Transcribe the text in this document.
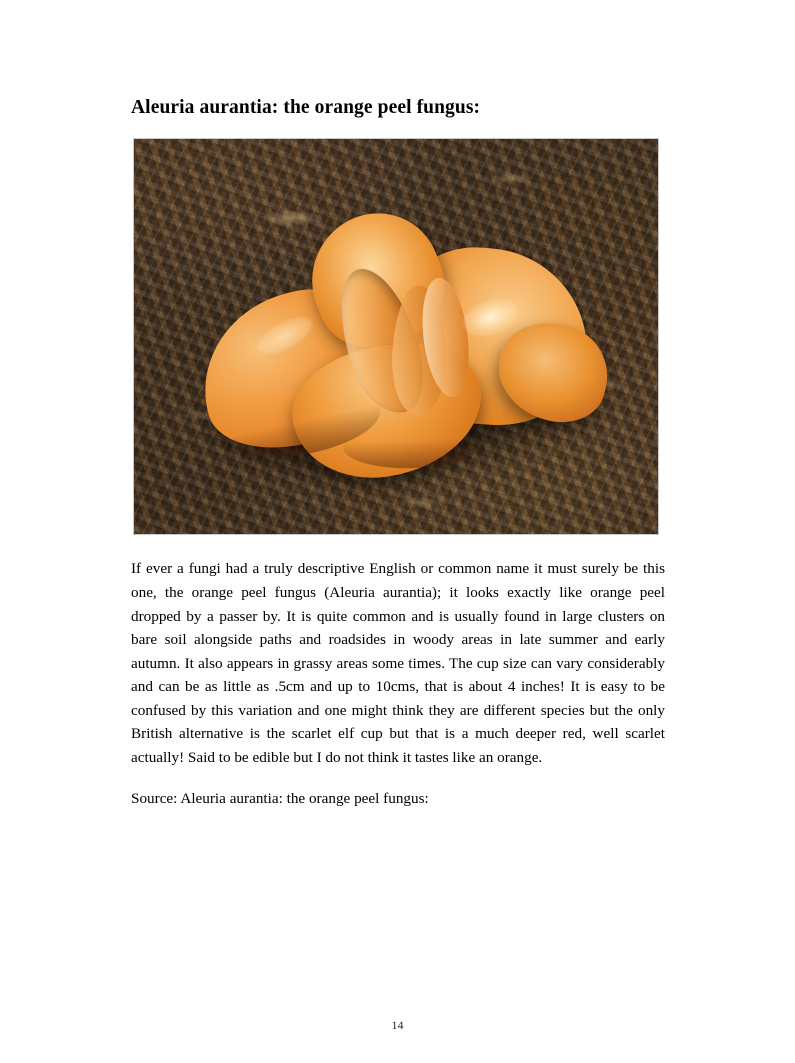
Aleuria aurantia: the orange peel fungus:

If ever a fungi had a truly descriptive English or common name it must surely be this one, the orange peel fungus (Aleuria aurantia); it looks exactly like orange peel dropped by a passer by. It is quite common and is usually found in large clusters on bare soil alongside paths and roadsides in woody areas in late summer and early autumn. It also appears in grassy areas some times. The cup size can vary considerably and can be as little as .5cm and up to 10cms, that is about 4 inches! It is easy to be confused by this variation and one might think they are different species but the only British alternative is the scarlet elf cup but that is a much deeper red, well scarlet actually! Said to be edible but I do not think it tastes like an orange.

Source: Aleuria aurantia: the orange peel fungus:

14
